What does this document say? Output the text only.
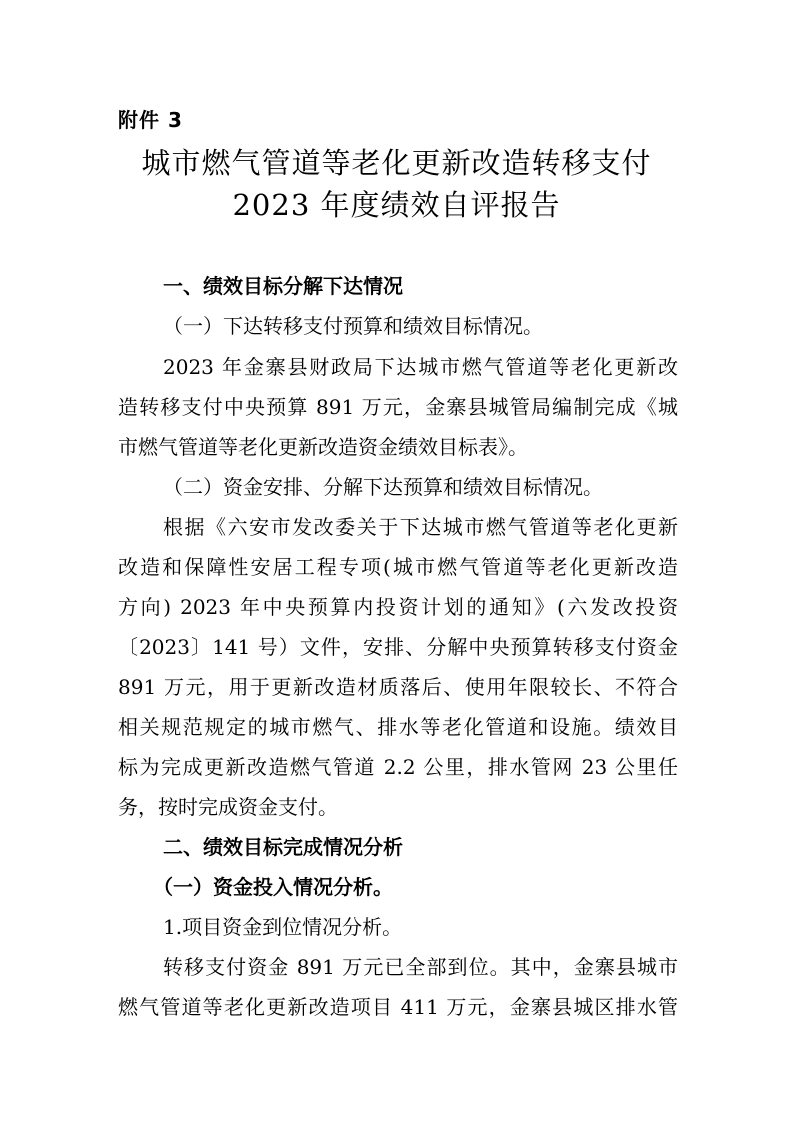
附件 3
城市燃气管道等老化更新改造转移支付
2023 年度绩效自评报告
一、绩效目标分解下达情况
（一）下达转移支付预算和绩效目标情况。
2023 年金寨县财政局下达城市燃气管道等老化更新改
造转移支付中央预算 891 万元，金寨县城管局编制完成《城
市燃气管道等老化更新改造资金绩效目标表》。
（二）资金安排、分解下达预算和绩效目标情况。
根据《六安市发改委关于下达城市燃气管道等老化更新
改造和保障性安居工程专项(城市燃气管道等老化更新改造
方向) 2023 年中央预算内投资计划的通知》(六发改投资
〔2023〕141 号）文件，安排、分解中央预算转移支付资金
891 万元，用于更新改造材质落后、使用年限较长、不符合
相关规范规定的城市燃气、排水等老化管道和设施。绩效目
标为完成更新改造燃气管道 2.2 公里，排水管网 23 公里任
务，按时完成资金支付。
二、绩效目标完成情况分析
（一）资金投入情况分析。
1.项目资金到位情况分析。
转移支付资金 891 万元已全部到位。其中，金寨县城市
燃气管道等老化更新改造项目 411 万元，金寨县城区排水管
